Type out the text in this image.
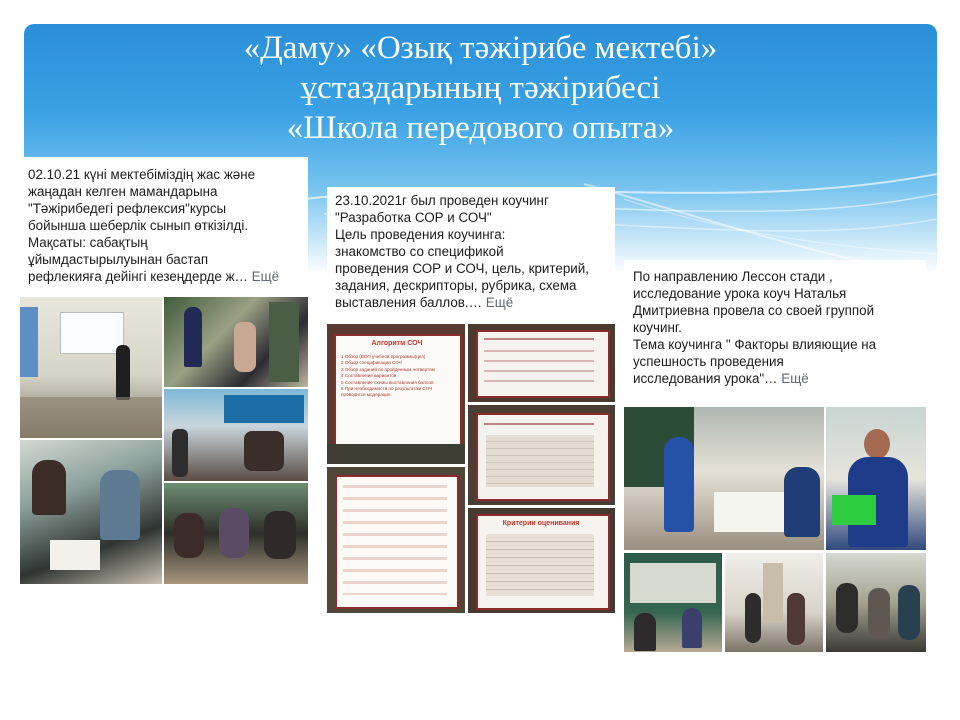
«Даму» «Озық тәжірибе мектебі»
ұстаздарының тәжірибесі
«Школа передового опыта»
02.10.21 күні мектебіміздің жас және
жаңадан келген мамандарына
"Тәжірибедегі рефлексия"курсы
бойынша шеберлік сынып өткізілді.
Мақсаты: сабақтың
ұйымдастырылуынан бастап
рефлекияға дейінгі кезеңдерде ж… Ещё
23.10.2021г был проведен коучинг
"Разработка СОР и СОЧ"
Цель проведения коучинга:
знакомство со спецификой
проведения СОР и СОЧ, цель, критерий,
задания, дескрипторы, рубрика, схема
выставления баллов.… Ещё
Алгоритм СОЧ
1 Обзор (ВОП учебной программы(цел)
2 Обзор спецификации СОЧ
3 Обзор заданий по пройденным четвертям
4 Составление вариантов
5 Составление схемы выставления баллов
6 При необходимости по результатам СОЧ проводится модерация.
Критерии оценивания
По направлению Лессон стади ,
исследование урока коуч Наталья
Дмитриевна провела со своей группой
коучинг.
Тема коучинга " Факторы влияющие на
успешность проведения
исследования урока"… Ещё
